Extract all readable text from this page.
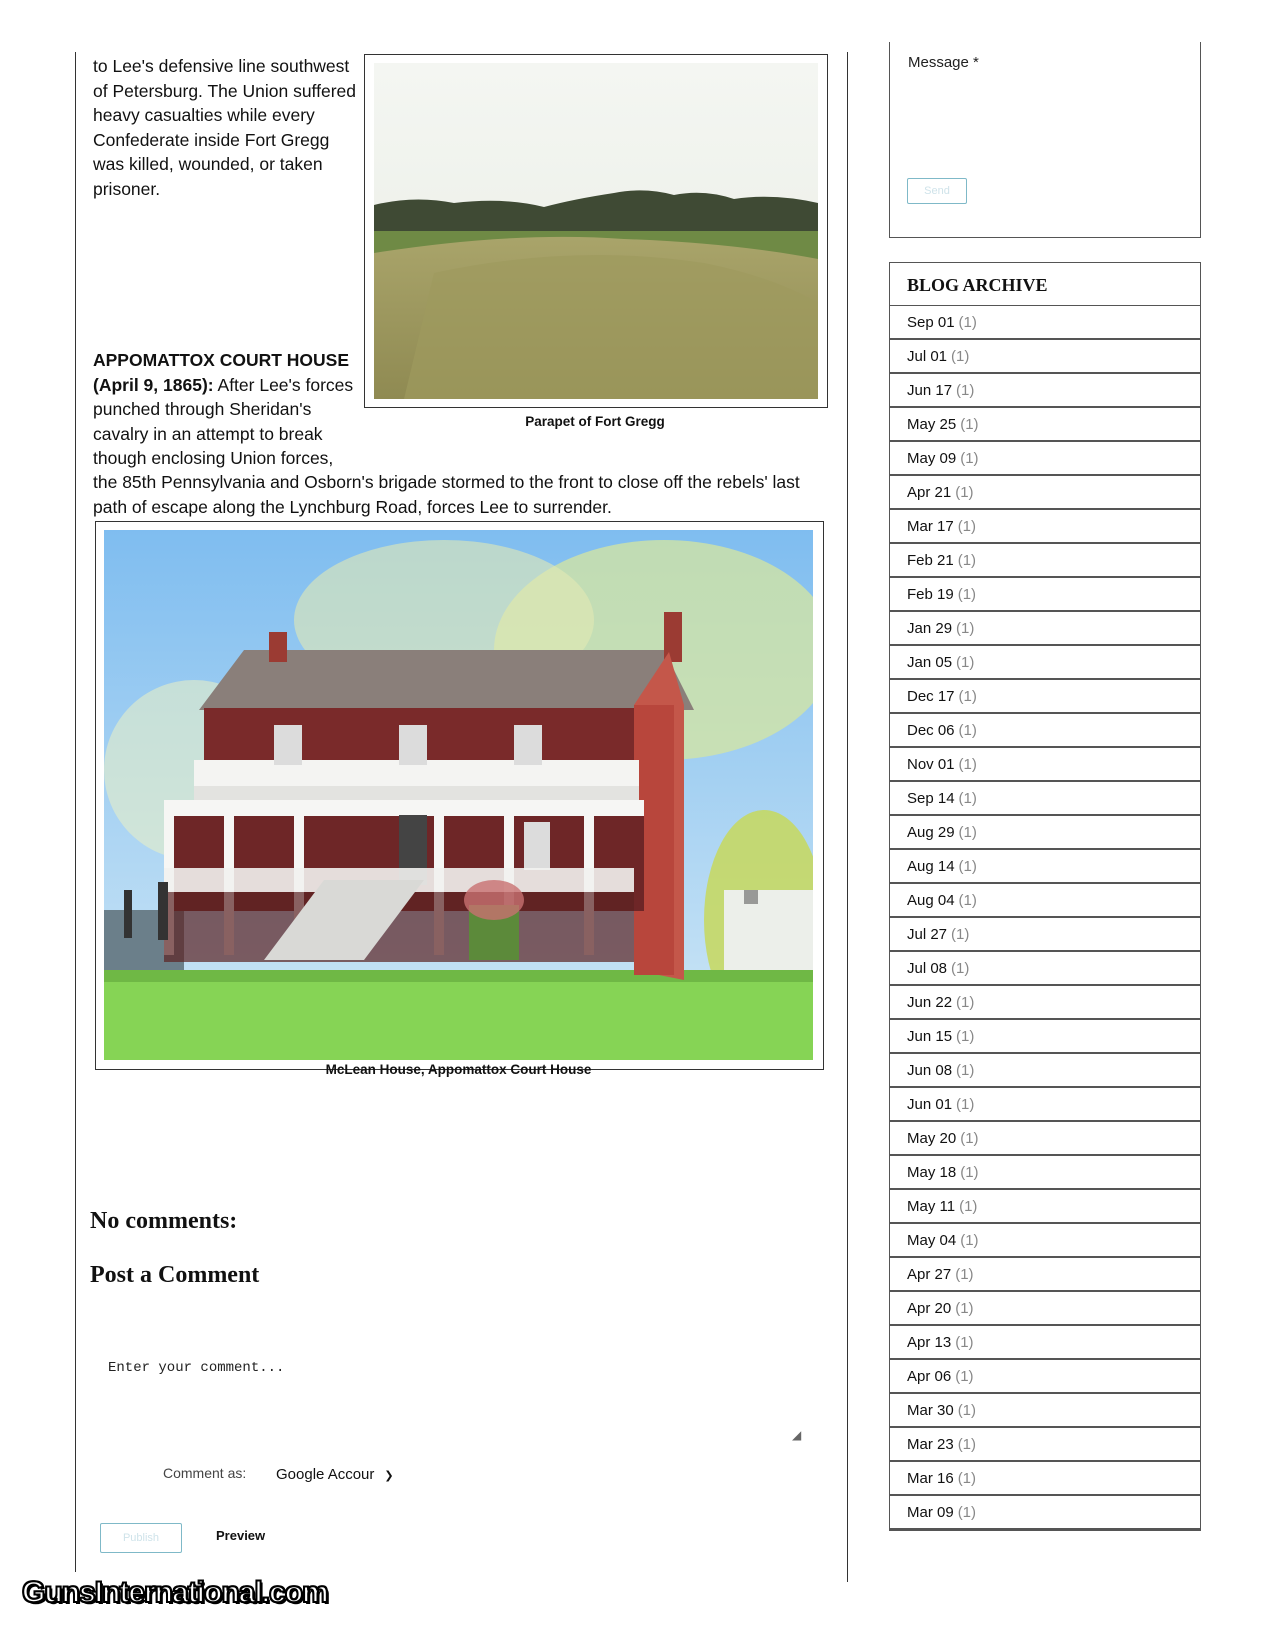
to Lee's defensive line southwest of Petersburg. The Union suffered heavy casualties while every Confederate inside Fort Gregg was killed, wounded, or taken prisoner.
Parapet of Fort Gregg
APPOMATTOX COURT HOUSE (April 9, 1865): After Lee's forces punched through Sheridan's cavalry in an attempt to break though enclosing Union forces,
the 85th Pennsylvania and Osborn's brigade stormed to the front to close off the rebels' last path of escape along the Lynchburg Road, forces Lee to surrender.
McLean House, Appomattox Court House
No comments:
Post a Comment
Enter your comment...
◢
Comment as: Google Accour ❯
Publish	Preview
Message *
Send
BLOG ARCHIVE
Sep 01 (1)
Jul 01 (1)
Jun 17 (1)
May 25 (1)
May 09 (1)
Apr 21 (1)
Mar 17 (1)
Feb 21 (1)
Feb 19 (1)
Jan 29 (1)
Jan 05 (1)
Dec 17 (1)
Dec 06 (1)
Nov 01 (1)
Sep 14 (1)
Aug 29 (1)
Aug 14 (1)
Aug 04 (1)
Jul 27 (1)
Jul 08 (1)
Jun 22 (1)
Jun 15 (1)
Jun 08 (1)
Jun 01 (1)
May 20 (1)
May 18 (1)
May 11 (1)
May 04 (1)
Apr 27 (1)
Apr 20 (1)
Apr 13 (1)
Apr 06 (1)
Mar 30 (1)
Mar 23 (1)
Mar 16 (1)
Mar 09 (1)
GunsInternational.com
